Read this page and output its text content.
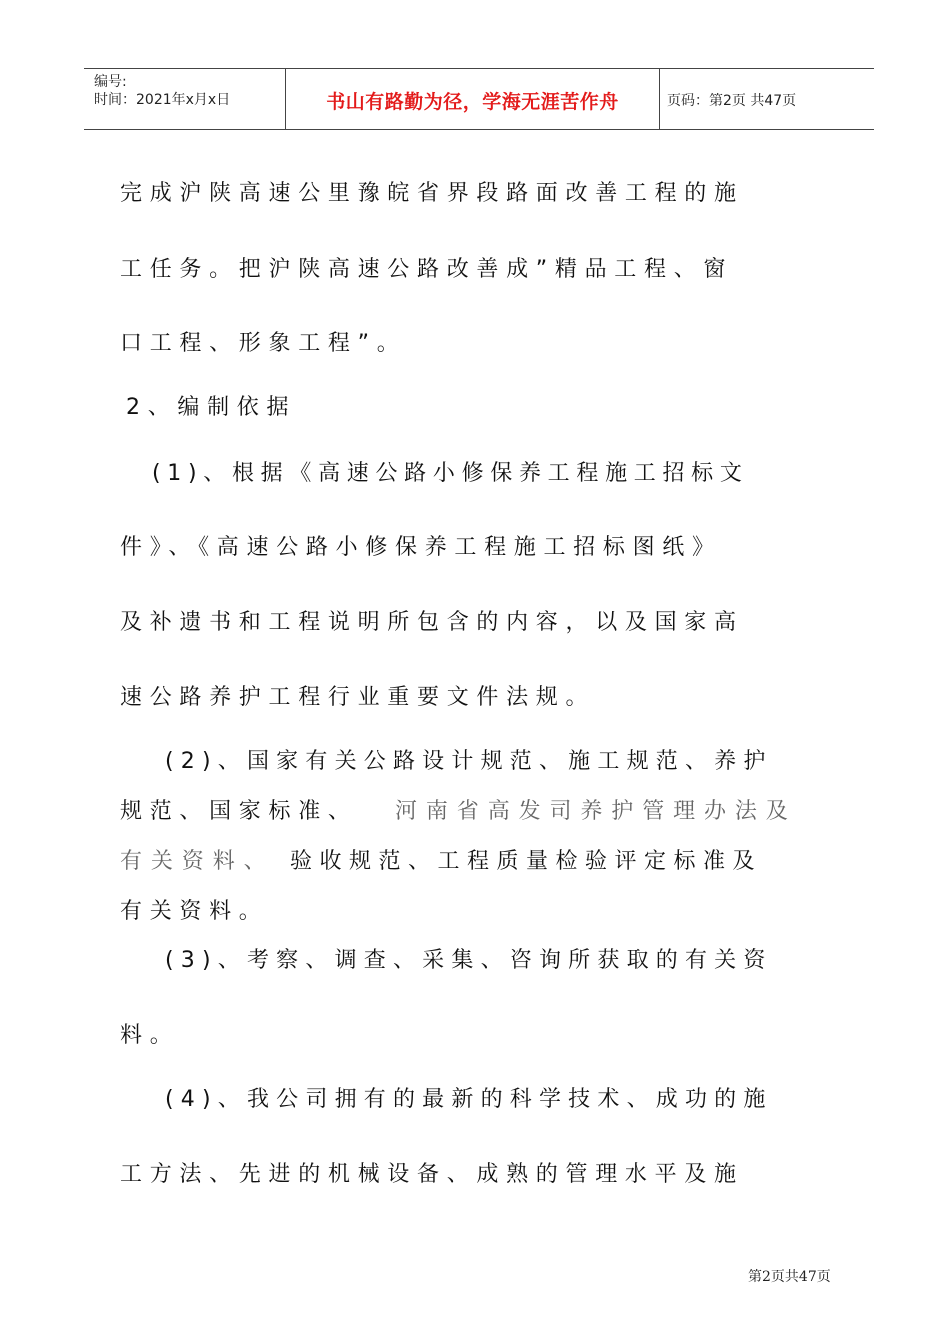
编号:
时间：2021年x月x日	书山有路勤为径，学海无涯苦作舟	页码：第2页 共47页
完成沪陕高速公里豫皖省界段路面改善工程的施
工任务。把沪陕高速公路改善成”精品工程、窗
口工程、形象工程”。
2、编制依据
(1)、根据《高速公路小修保养工程施工招标文
件》、《高速公路小修保养工程施工招标图纸》
及补遗书和工程说明所包含的内容，以及国家高
速公路养护工程行业重要文件法规。
(2)、国家有关公路设计规范、施工规范、养护
规范、国家标准、 河南省高发司养护管理办法及
有关资料、 验收规范、工程质量检验评定标准及
有关资料。
(3)、考察、调查、采集、咨询所获取的有关资
料。
(4)、我公司拥有的最新的科学技术、成功的施
工方法、先进的机械设备、成熟的管理水平及施
第2页共47页
